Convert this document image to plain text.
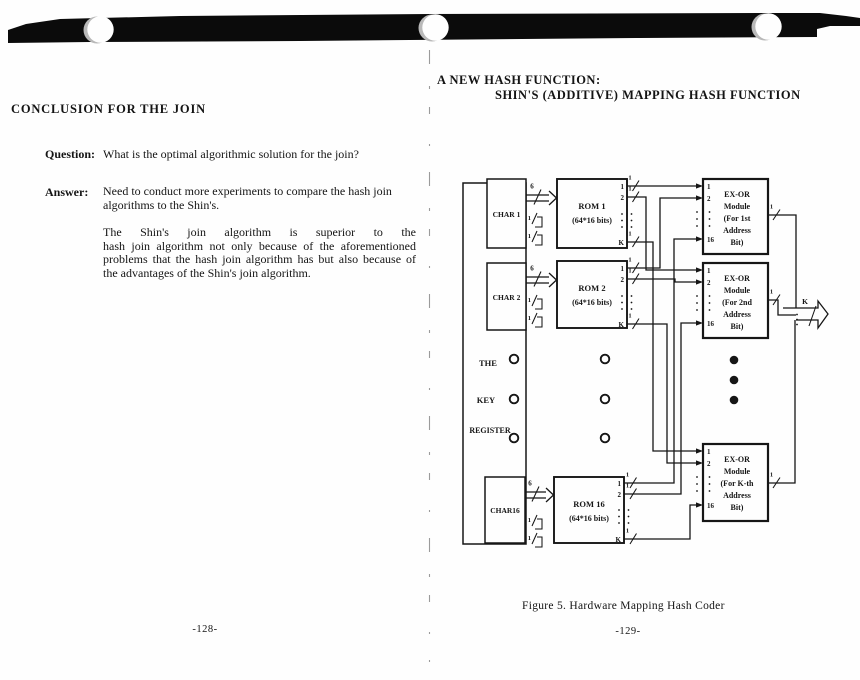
CONCLUSION FOR THE JOIN
Question: What is the optimal algorithmic solution for the join?
Answer: Need to conduct more experiments to compare the hash join
algorithms to the Shin's.

The Shin's join algorithm is superior to the
hash join algorithm not only because of the aforementioned
problems that the hash join algorithm has but also because of
the advantages of the Shin's join algorithm.

-128-
A NEW HASH FUNCTION:
SHIN'S (ADDITIVE) MAPPING HASH FUNCTION
THE
KEY
REGISTER
CHAR 1
CHAR 2
CHAR16
6
6
6
1
1
1
1
1
1
ROM 1
(64*16 bits)
ROM 2
(64*16 bits)
ROM 16
(64*16 bits)
1
2
K
1
2
K
1
2
K
1
1
1
1
1
1
1
1
1
EX-OR
Module
(For 1st
Address
Bit)
EX-OR
Module
(For 2nd
Address
Bit)
EX-OR
Module
(For K-th
Address
Bit)
1
2
16
1
2
16
1
2
16
1
1
1
K
Figure 5. Hardware Mapping Hash Coder
-129-
